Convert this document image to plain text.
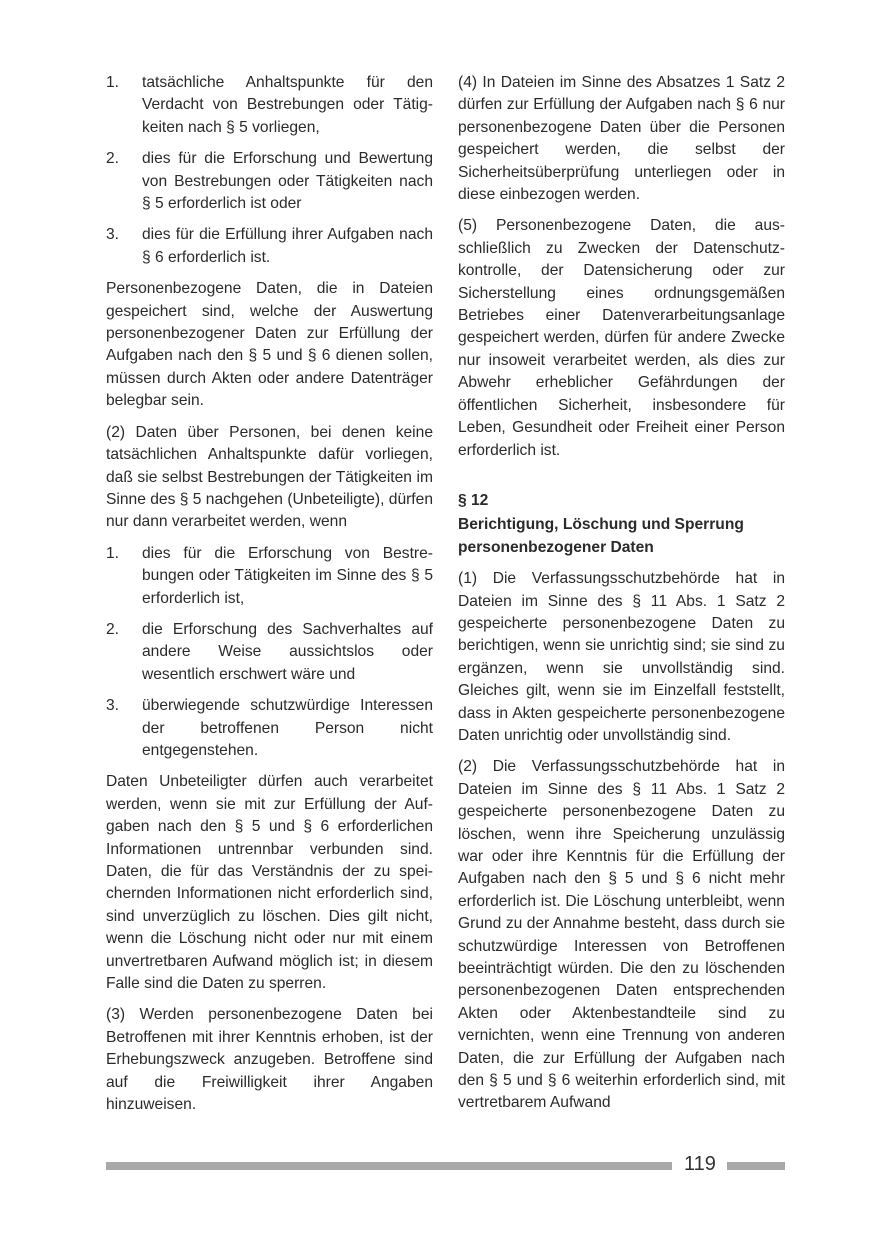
1.	tatsächliche Anhaltspunkte für den Verdacht von Bestrebungen oder Tätigkeiten nach § 5 vorliegen,
2.	dies für die Erforschung und Bewertung von Bestrebungen oder Tätigkeiten nach § 5 erforderlich ist oder
3.	dies für die Erfüllung ihrer Aufgaben nach § 6 erforderlich ist.

Personenbezogene Daten, die in Dateien gespeichert sind, welche der Auswertung personenbezogener Daten zur Erfüllung der Aufgaben nach den § 5 und § 6 dienen sollen, müssen durch Akten oder andere Datenträger belegbar sein.

(2) Daten über Personen, bei denen keine tatsächlichen Anhaltspunkte dafür vorliegen, daß sie selbst Bestrebungen der Tätigkeiten im Sinne des § 5 nachgehen (Unbeteiligte), dürfen nur dann verarbeitet werden, wenn

1.	dies für die Erforschung von Bestrebungen oder Tätigkeiten im Sinne des § 5 erforderlich ist,
2.	die Erforschung des Sachverhaltes auf andere Weise aussichtslos oder wesentlich erschwert wäre und
3.	überwiegende schutzwürdige Interessen der betroffenen Person nicht entgegenstehen.

Daten Unbeteiligter dürfen auch verarbeitet werden, wenn sie mit zur Erfüllung der Aufgaben nach den § 5 und § 6 erforderlichen Informationen untrennbar verbunden sind. Daten, die für das Verständnis der zu speichernden Informationen nicht erforderlich sind, sind unverzüglich zu löschen. Dies gilt nicht, wenn die Löschung nicht oder nur mit einem unvertretbaren Aufwand möglich ist; in diesem Falle sind die Daten zu sperren.

(3) Werden personenbezogene Daten bei Betroffenen mit ihrer Kenntnis erhoben, ist der Erhebungszweck anzugeben. Betroffene sind auf die Freiwilligkeit ihrer Angaben hinzuweisen.

(4) In Dateien im Sinne des Absatzes 1 Satz 2 dürfen zur Erfüllung der Aufgaben nach § 6 nur personenbezogene Daten über die Personen gespeichert werden, die selbst der Sicherheitsüberprüfung unterliegen oder in diese einbezogen werden.

(5) Personenbezogene Daten, die ausschließlich zu Zwecken der Datenschutzkontrolle, der Datensicherung oder zur Sicherstellung eines ordnungsgemäßen Betriebes einer Datenverarbeitungsanlage gespeichert werden, dürfen für andere Zwecke nur insoweit verarbeitet werden, als dies zur Abwehr erheblicher Gefährdungen der öffentlichen Sicherheit, insbesondere für Leben, Gesundheit oder Freiheit einer Person erforderlich ist.

§ 12
Berichtigung, Löschung und Sperrung personenbezogener Daten

(1) Die Verfassungsschutzbehörde hat in Dateien im Sinne des § 11 Abs. 1 Satz 2 gespeicherte personenbezogene Daten zu berichtigen, wenn sie unrichtig sind; sie sind zu ergänzen, wenn sie unvollständig sind. Gleiches gilt, wenn sie im Einzelfall feststellt, dass in Akten gespeicherte personenbezogene Daten unrichtig oder unvollständig sind.

(2) Die Verfassungsschutzbehörde hat in Dateien im Sinne des § 11 Abs. 1 Satz 2 gespeicherte personenbezogene Daten zu löschen, wenn ihre Speicherung unzulässig war oder ihre Kenntnis für die Erfüllung der Aufgaben nach den § 5 und § 6 nicht mehr erforderlich ist. Die Löschung unterbleibt, wenn Grund zu der Annahme besteht, dass durch sie schutzwürdige Interessen von Betroffenen beeinträchtigt würden. Die den zu löschenden personenbezogenen Daten entsprechenden Akten oder Aktenbestandteile sind zu vernichten, wenn eine Trennung von anderen Daten, die zur Erfüllung der Aufgaben nach den § 5 und § 6 weiterhin erforderlich sind, mit vertretbarem Aufwand

119
